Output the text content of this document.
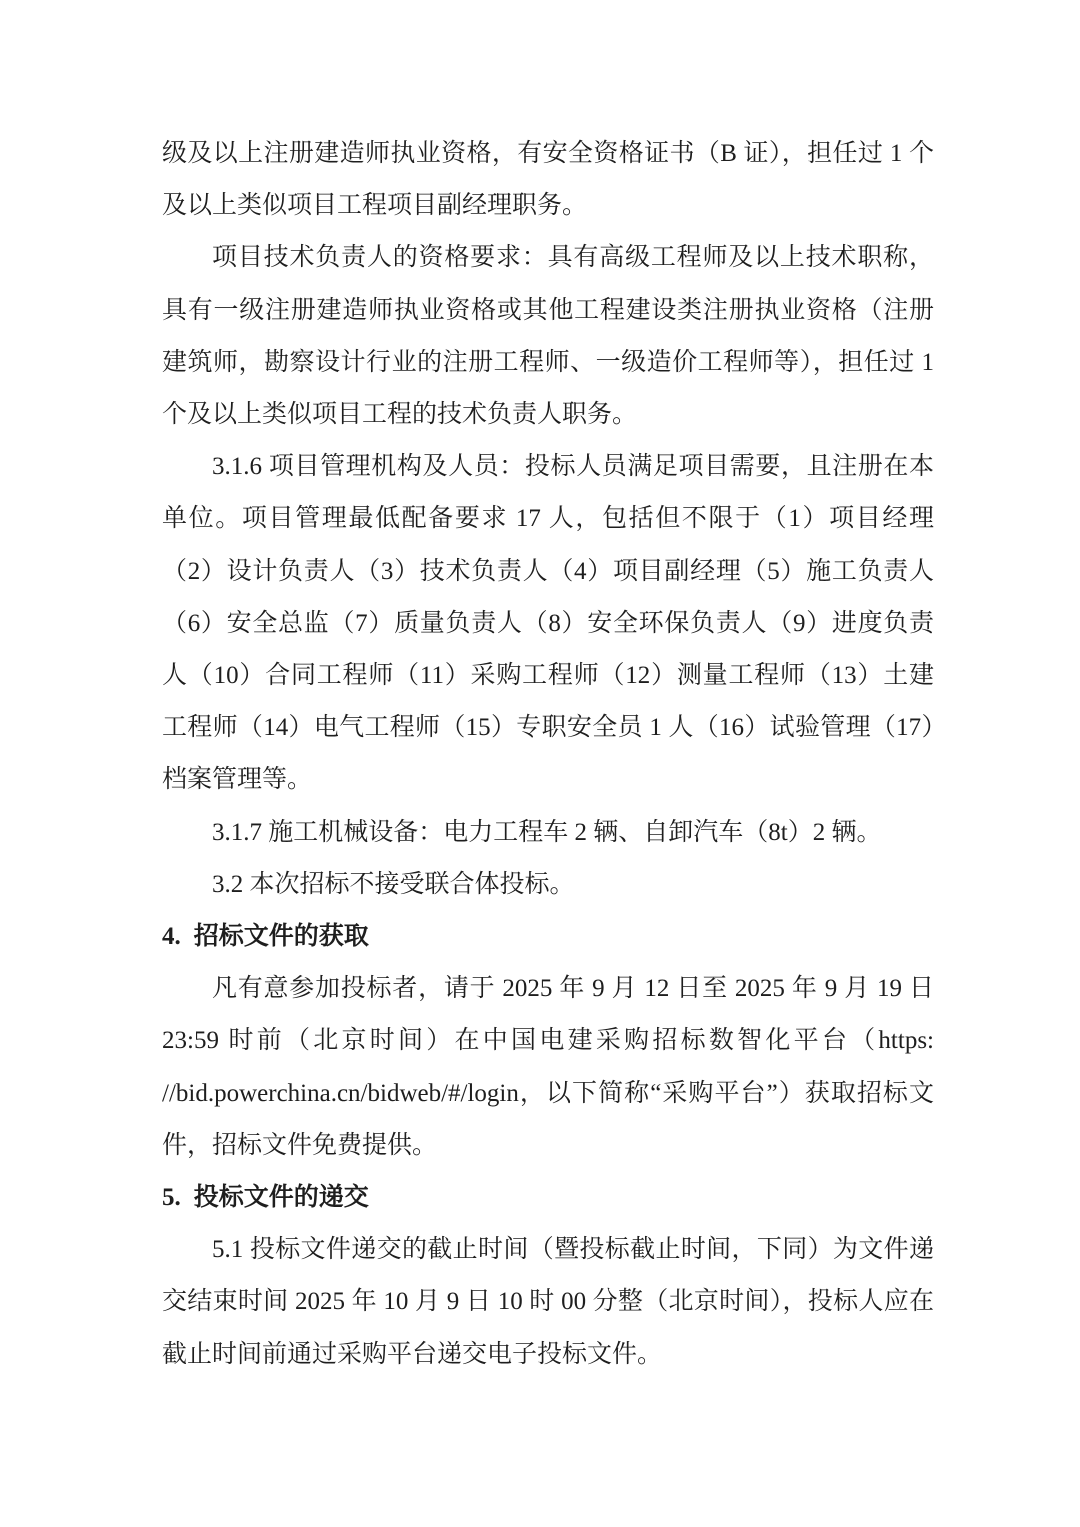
级及以上注册建造师执业资格，有安全资格证书（B 证），担任过 1 个及以上类似项目工程项目副经理职务。
项目技术负责人的资格要求：具有高级工程师及以上技术职称，具有一级注册建造师执业资格或其他工程建设类注册执业资格（注册建筑师，勘察设计行业的注册工程师、一级造价工程师等），担任过 1 个及以上类似项目工程的技术负责人职务。
3.1.6 项目管理机构及人员：投标人员满足项目需要，且注册在本单位。项目管理最低配备要求 17 人，包括但不限于（1）项目经理（2）设计负责人（3）技术负责人（4）项目副经理（5）施工负责人（6）安全总监（7）质量负责人（8）安全环保负责人（9）进度负责人（10）合同工程师（11）采购工程师（12）测量工程师（13）土建工程师（14）电气工程师（15）专职安全员 1 人（16）试验管理（17）档案管理等。
3.1.7 施工机械设备：电力工程车 2 辆、自卸汽车（8t）2 辆。
3.2 本次招标不接受联合体投标。
4. 招标文件的获取
凡有意参加投标者，请于 2025 年 9 月 12 日至 2025 年 9 月 19 日 23:59 时前（北京时间）在中国电建采购招标数智化平台（https:​//bid.powerchina.cn/bidweb/#/login，以下简称“采购平台”）获取招标文件，招标文件免费提供。
5. 投标文件的递交
5.1 投标文件递交的截止时间（暨投标截止时间，下同）为文件递交结束时间 2025 年 10 月 9 日 10 时 00 分整（北京时间），投标人应在截止时间前通过采购平台递交电子投标文件。
